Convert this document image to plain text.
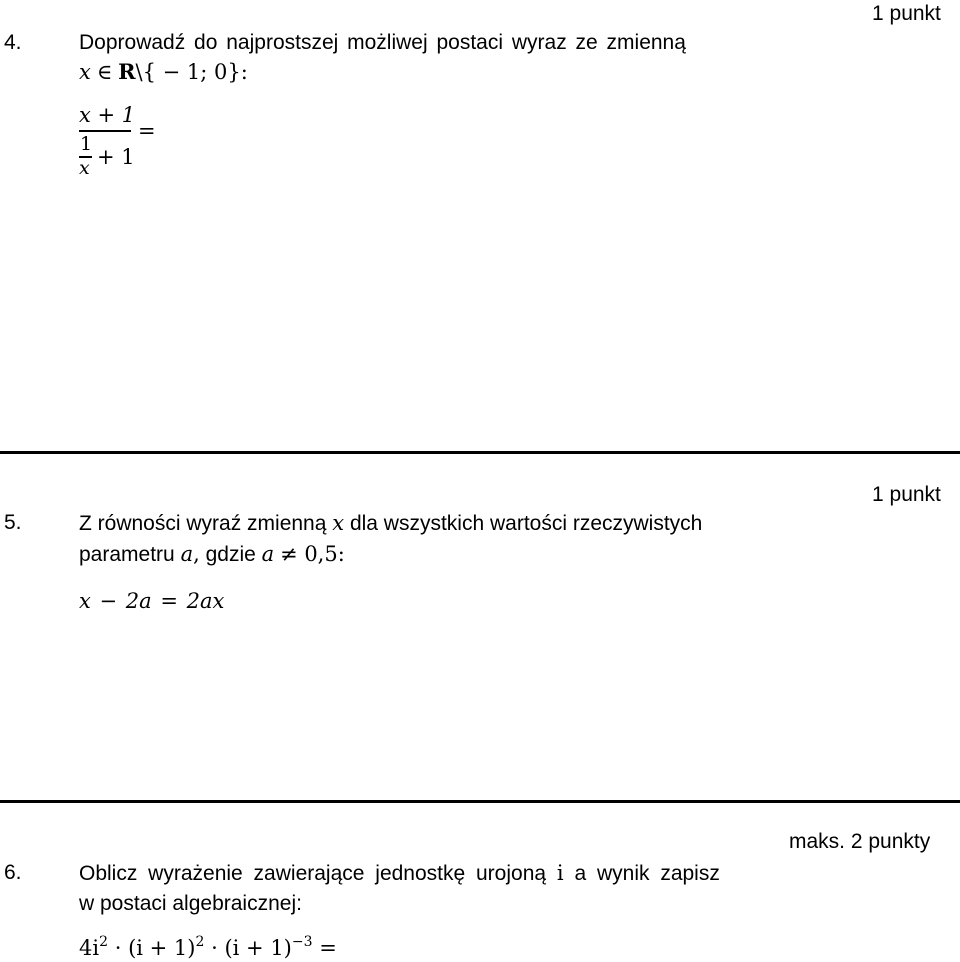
4.	Doprowadź do najprostszej możliwej postaci wyraz ze zmienną
1 punkt
x ∈ R\{ − 1; 0}:
x + 1
=
1
x + 1
1 punkt
5.	Z równości wyraź zmienną x dla wszystkich wartości rzeczywistych
parametru a, gdzie a ≠ 0,5:
x − 2a = 2ax
maks. 2 punkty
6.	Oblicz wyrażenie zawierające jednostkę urojoną i a wynik zapisz
w postaci algebraicznej:
$4i^2 \cdot (i + 1)^2 \cdot (i + 1)^{-3}$ =
